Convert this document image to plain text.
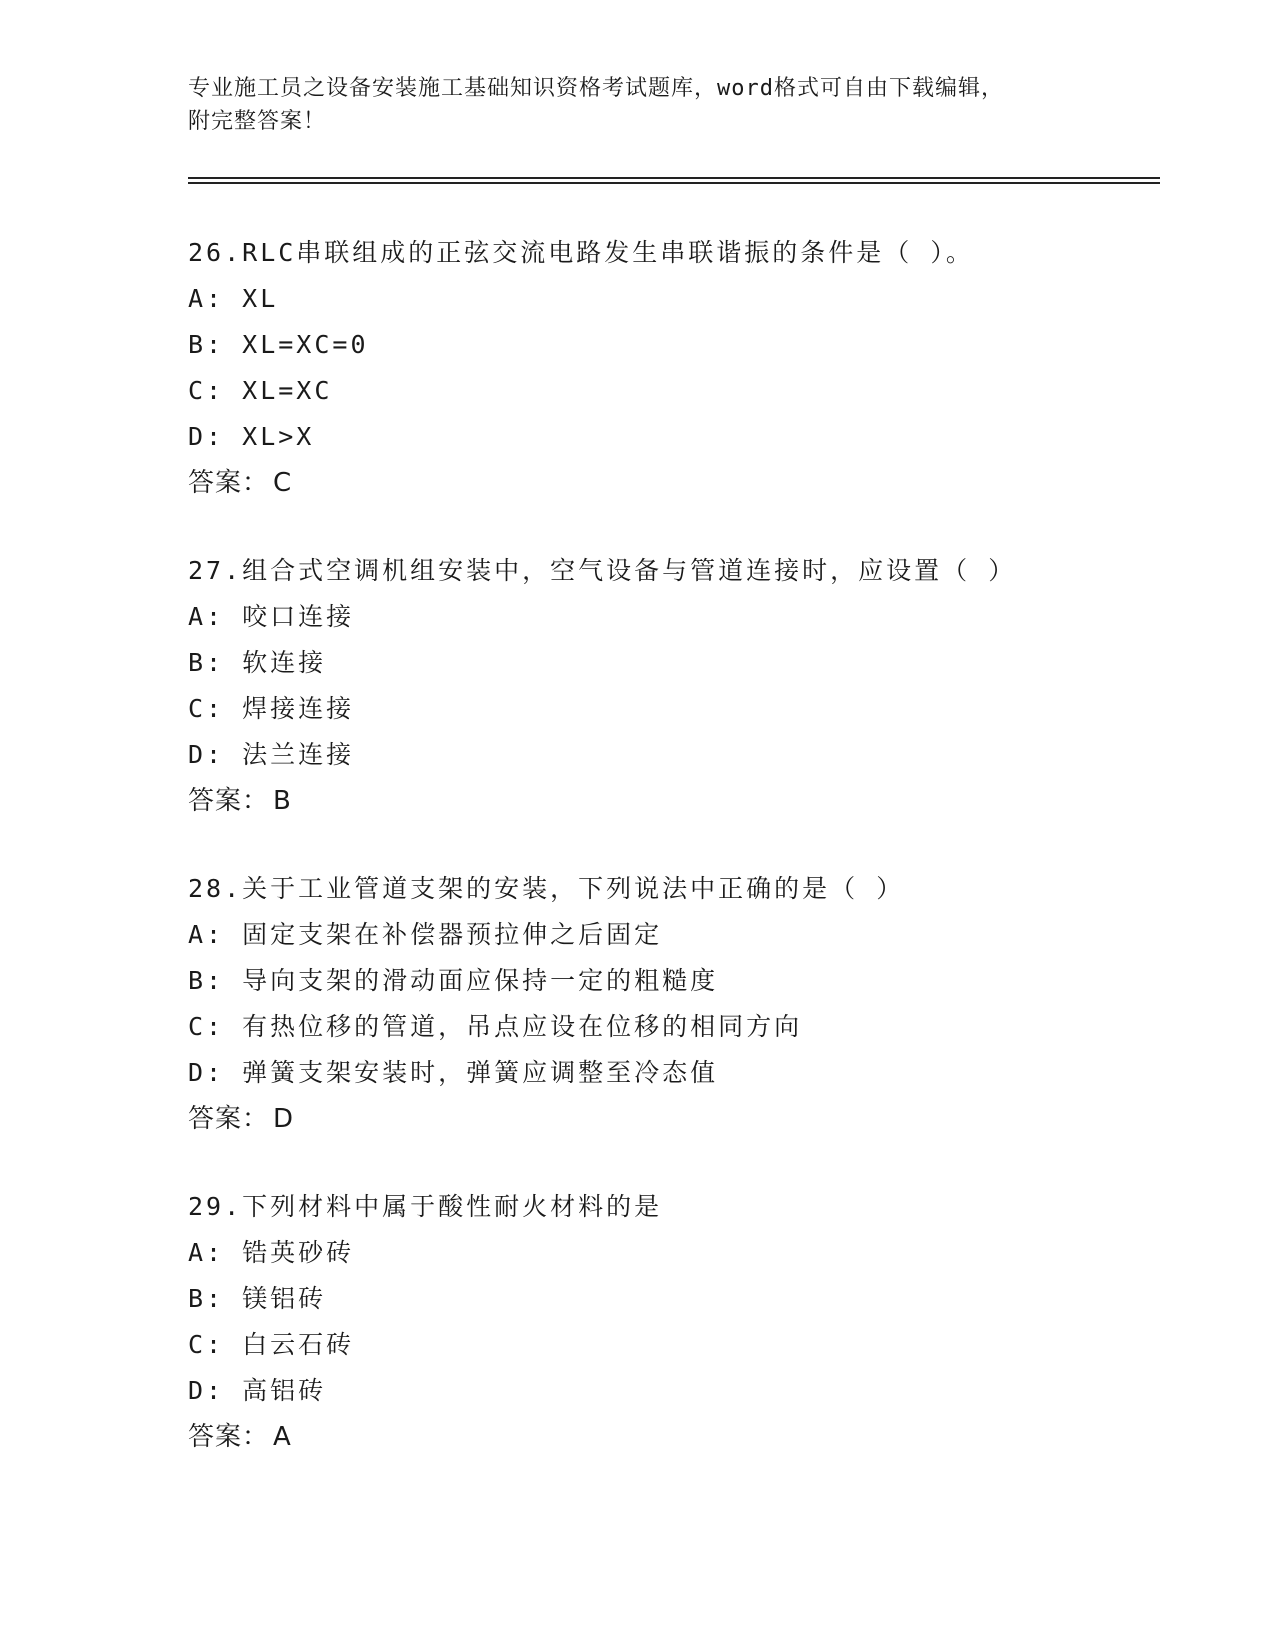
专业施工员之设备安装施工基础知识资格考试题库，word格式可自由下载编辑，
附完整答案！
26.RLC串联组成的正弦交流电路发生串联谐振的条件是（ ）。
A: XL
B: XL=XC=0
C: XL=XC
D: XL>X
答案： C
27.组合式空调机组安装中，空气设备与管道连接时，应设置（ ）
A: 咬口连接
B: 软连接
C: 焊接连接
D: 法兰连接
答案： B
28.关于工业管道支架的安装，下列说法中正确的是（ ）
A: 固定支架在补偿器预拉伸之后固定
B: 导向支架的滑动面应保持一定的粗糙度
C: 有热位移的管道，吊点应设在位移的相同方向
D: 弹簧支架安装时，弹簧应调整至冷态值
答案： D
29.下列材料中属于酸性耐火材料的是
A: 锆英砂砖
B: 镁铝砖
C: 白云石砖
D: 高铝砖
答案： A
